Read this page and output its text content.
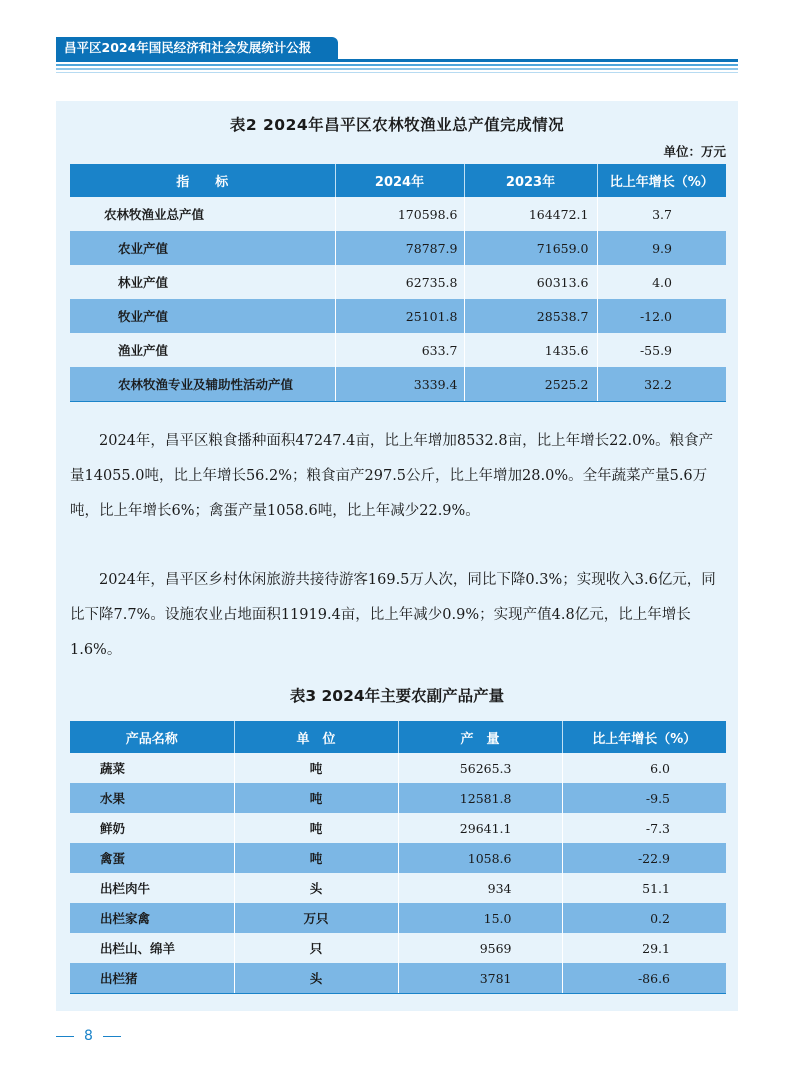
昌平区2024年国民经济和社会发展统计公报
表2 2024年昌平区农林牧渔业总产值完成情况
单位：万元
指　　标	2024年	2023年	比上年增长（%）
农林牧渔业总产值	170598.6	164472.1	3.7
农业产值	78787.9	71659.0	9.9
林业产值	62735.8	60313.6	4.0
牧业产值	25101.8	28538.7	-12.0
渔业产值	633.7	1435.6	-55.9
农林牧渔专业及辅助性活动产值	3339.4	2525.2	32.2

2024年，昌平区粮食播种面积47247.4亩，比上年增加8532.8亩，比上年增长22.0%。粮食产量14055.0吨，比上年增长56.2%；粮食亩产297.5公斤，比上年增加28.0%。全年蔬菜产量5.6万吨，比上年增长6%；禽蛋产量1058.6吨，比上年减少22.9%。

2024年，昌平区乡村休闲旅游共接待游客169.5万人次，同比下降0.3%；实现收入3.6亿元，同比下降7.7%。设施农业占地面积11919.4亩，比上年减少0.9%；实现产值4.8亿元，比上年增长1.6%。

表3 2024年主要农副产品产量
产品名称	单　位	产　量	比上年增长（%）
蔬菜	吨	56265.3	6.0
水果	吨	12581.8	-9.5
鲜奶	吨	29641.1	-7.3
禽蛋	吨	1058.6	-22.9
出栏肉牛	头	934	51.1
出栏家禽	万只	15.0	0.2
出栏山、绵羊	只	9569	29.1
出栏猪	头	3781	-86.6
8
